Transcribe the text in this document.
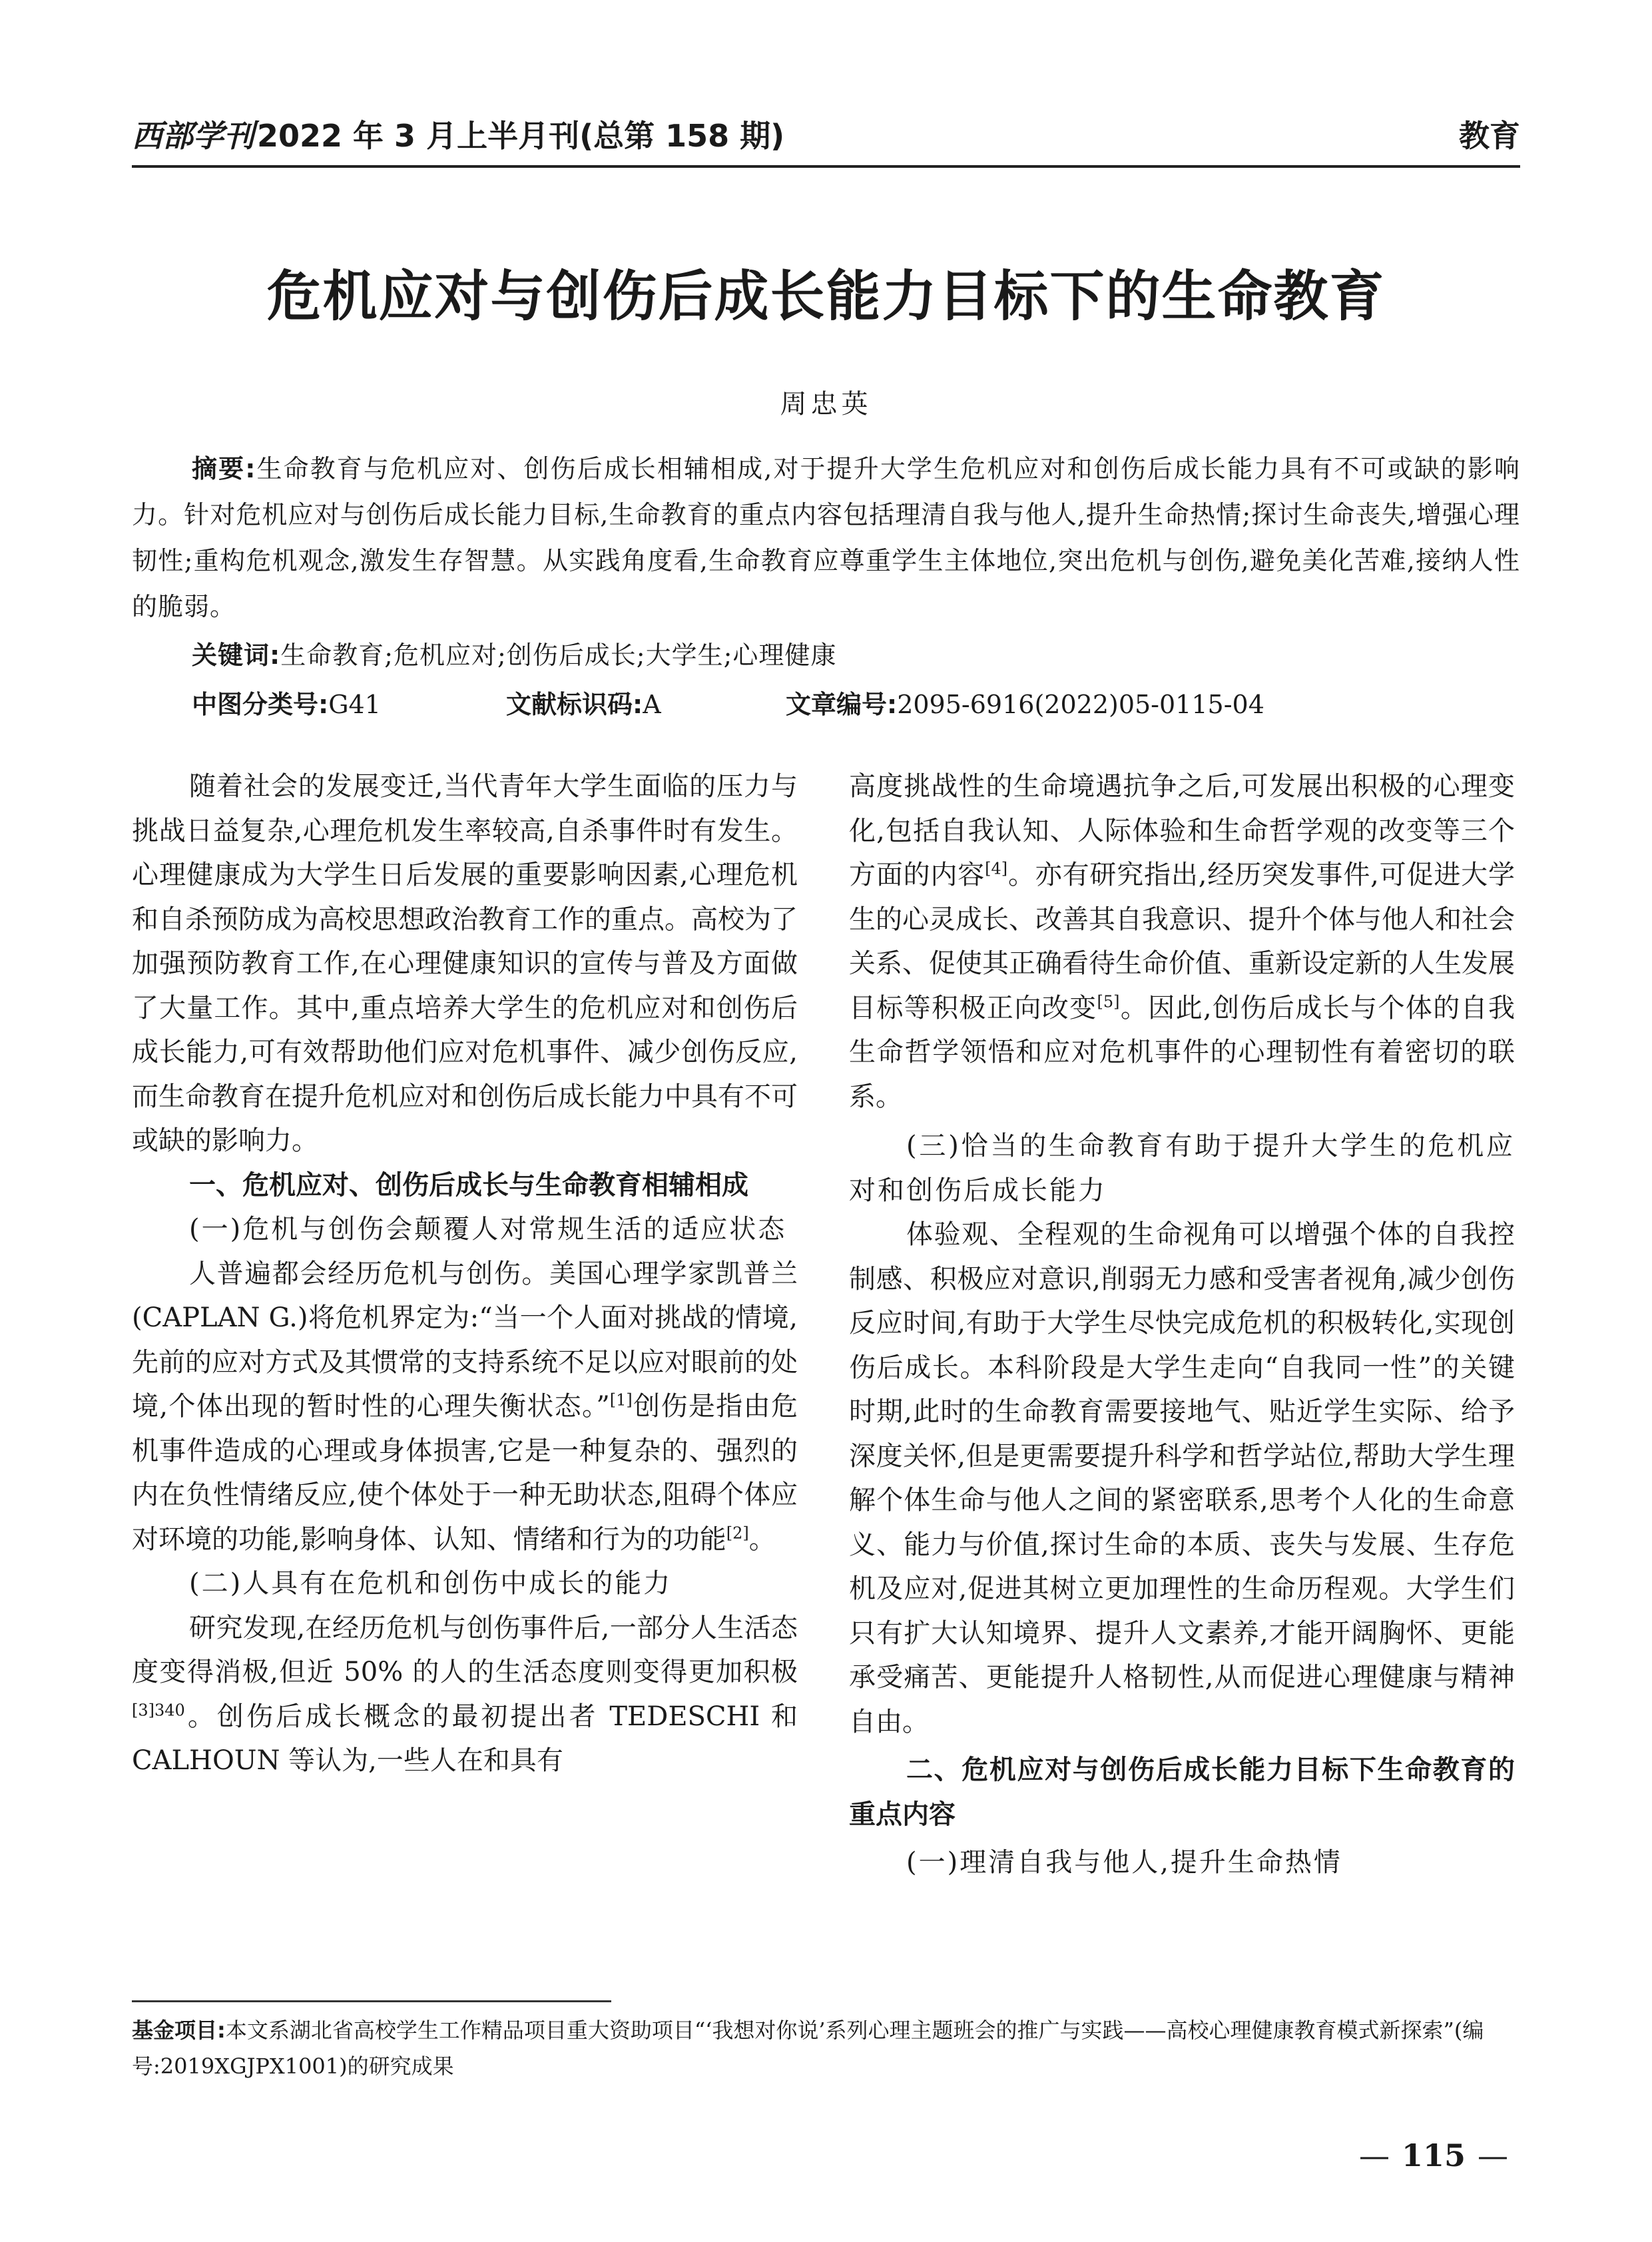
西部学刊2022 年 3 月上半月刊(总第 158 期)	教育
危机应对与创伤后成长能力目标下的生命教育
周忠英
摘要:生命教育与危机应对、创伤后成长相辅相成,对于提升大学生危机应对和创伤后成长能力具有不可或缺的影响力。针对危机应对与创伤后成长能力目标,生命教育的重点内容包括理清自我与他人,提升生命热情;探讨生命丧失,增强心理韧性;重构危机观念,激发生存智慧。从实践角度看,生命教育应尊重学生主体地位,突出危机与创伤,避免美化苦难,接纳人性的脆弱。
关键词:生命教育;危机应对;创伤后成长;大学生;心理健康
中图分类号:G41	文献标识码:A	文章编号:2095-6916(2022)05-0115-04

随着社会的发展变迁,当代青年大学生面临的压力与挑战日益复杂,心理危机发生率较高,自杀事件时有发生。心理健康成为大学生日后发展的重要影响因素,心理危机和自杀预防成为高校思想政治教育工作的重点。高校为了加强预防教育工作,在心理健康知识的宣传与普及方面做了大量工作。其中,重点培养大学生的危机应对和创伤后成长能力,可有效帮助他们应对危机事件、减少创伤反应,而生命教育在提升危机应对和创伤后成长能力中具有不可或缺的影响力。

一、危机应对、创伤后成长与生命教育相辅相成

(一)危机与创伤会颠覆人对常规生活的适应状态

人普遍都会经历危机与创伤。美国心理学家凯普兰(CAPLAN G.)将危机界定为:“当一个人面对挑战的情境,先前的应对方式及其惯常的支持系统不足以应对眼前的处境,个体出现的暂时性的心理失衡状态。”[1]创伤是指由危机事件造成的心理或身体损害,它是一种复杂的、强烈的内在负性情绪反应,使个体处于一种无助状态,阻碍个体应对环境的功能,影响身体、认知、情绪和行为的功能[2]。

(二)人具有在危机和创伤中成长的能力

研究发现,在经历危机与创伤事件后,一部分人生活态度变得消极,但近 50% 的人的生活态度则变得更加积极$^{[3]340}$。创伤后成长概念的最初提出者 TEDESCHI 和 CALHOUN 等认为,一些人在和具有

高度挑战性的生命境遇抗争之后,可发展出积极的心理变化,包括自我认知、人际体验和生命哲学观的改变等三个方面的内容[4]。亦有研究指出,经历突发事件,可促进大学生的心灵成长、改善其自我意识、提升个体与他人和社会关系、促使其正确看待生命价值、重新设定新的人生发展目标等积极正向改变[5]。因此,创伤后成长与个体的自我生命哲学领悟和应对危机事件的心理韧性有着密切的联系。

(三)恰当的生命教育有助于提升大学生的危机应对和创伤后成长能力

体验观、全程观的生命视角可以增强个体的自我控制感、积极应对意识,削弱无力感和受害者视角,减少创伤反应时间,有助于大学生尽快完成危机的积极转化,实现创伤后成长。本科阶段是大学生走向“自我同一性”的关键时期,此时的生命教育需要接地气、贴近学生实际、给予深度关怀,但是更需要提升科学和哲学站位,帮助大学生理解个体生命与他人之间的紧密联系,思考个人化的生命意义、能力与价值,探讨生命的本质、丧失与发展、生存危机及应对,促进其树立更加理性的生命历程观。大学生们只有扩大认知境界、提升人文素养,才能开阔胸怀、更能承受痛苦、更能提升人格韧性,从而促进心理健康与精神自由。

二、危机应对与创伤后成长能力目标下生命教育的重点内容

(一)理清自我与他人,提升生命热情

基金项目:本文系湖北省高校学生工作精品项目重大资助项目“‘我想对你说’系列心理主题班会的推广与实践——高校心理健康教育模式新探索”(编号:2019XGJPX1001)的研究成果
— 115 —
